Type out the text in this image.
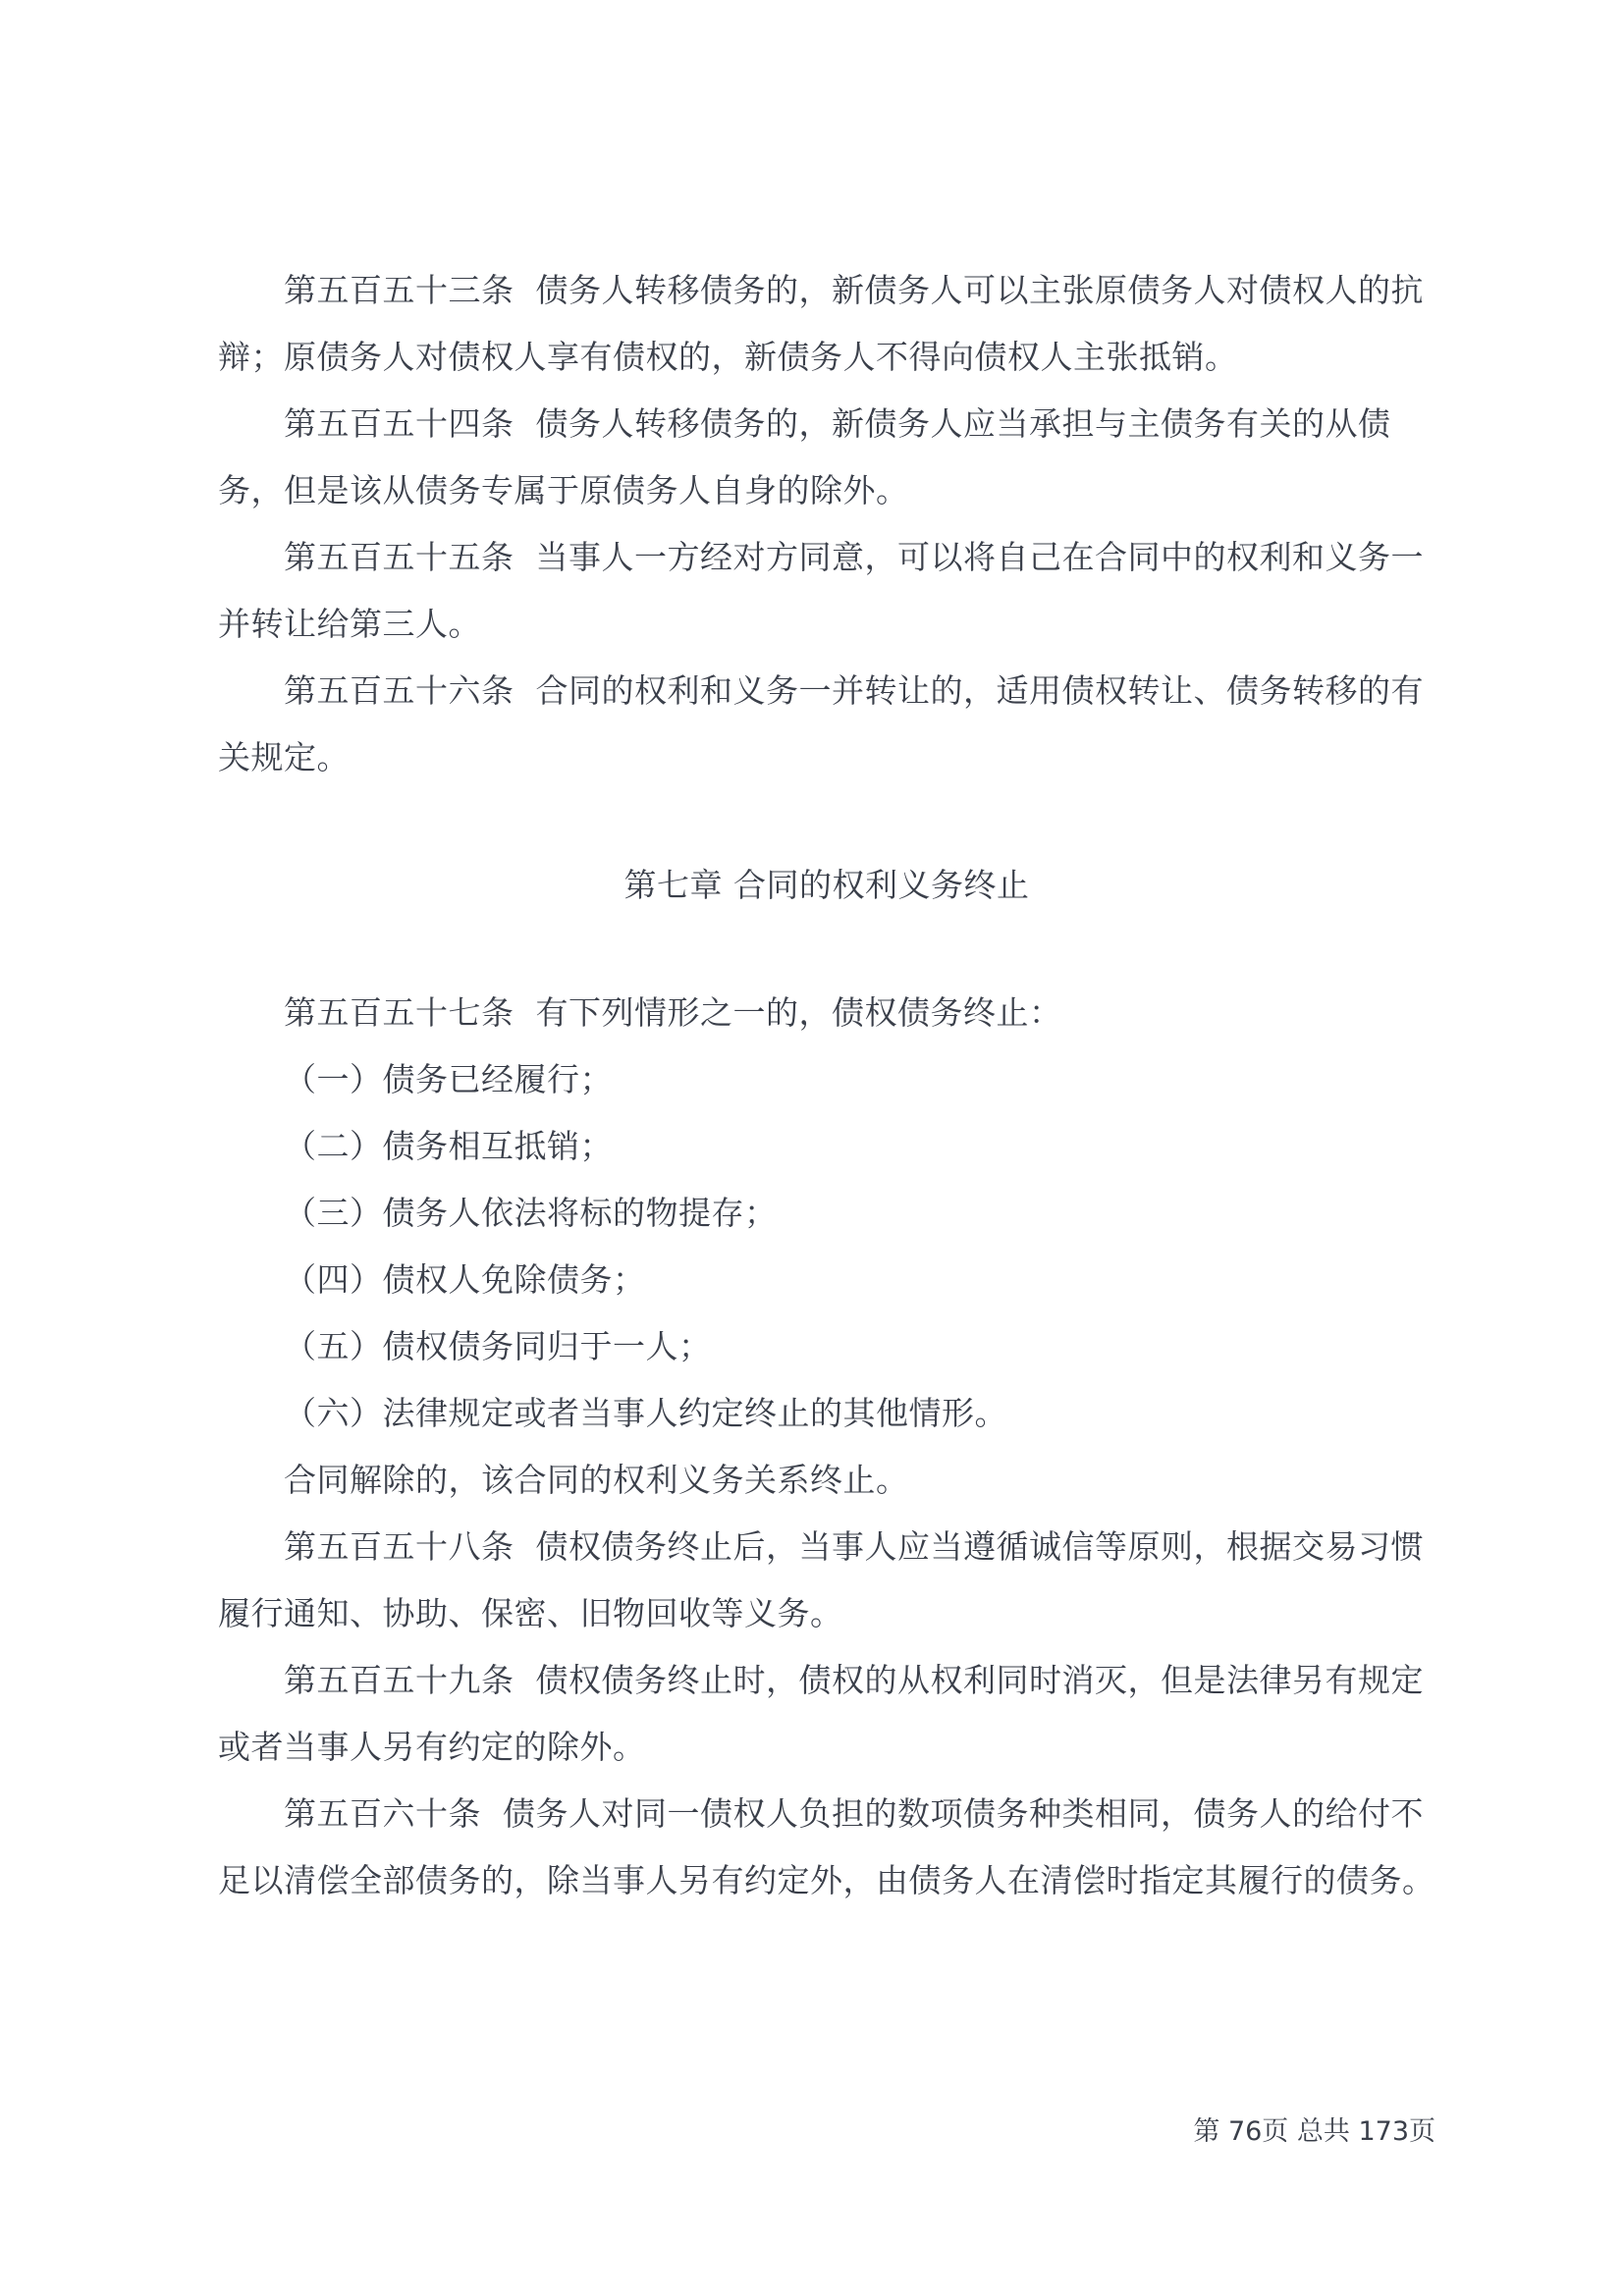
第五百五十三条  债务人转移债务的，新债务人可以主张原债务人对债权人的抗辩；原债务人对债权人享有债权的，新债务人不得向债权人主张抵销。

第五百五十四条  债务人转移债务的，新债务人应当承担与主债务有关的从债务，但是该从债务专属于原债务人自身的除外。

第五百五十五条  当事人一方经对方同意，可以将自己在合同中的权利和义务一并转让给第三人。

第五百五十六条  合同的权利和义务一并转让的，适用债权转让、债务转移的有关规定。

第七章 合同的权利义务终止

第五百五十七条  有下列情形之一的，债权债务终止：

（一）债务已经履行；

（二）债务相互抵销；

（三）债务人依法将标的物提存；

（四）债权人免除债务；

（五）债权债务同归于一人；

（六）法律规定或者当事人约定终止的其他情形。

合同解除的，该合同的权利义务关系终止。

第五百五十八条  债权债务终止后，当事人应当遵循诚信等原则，根据交易习惯履行通知、协助、保密、旧物回收等义务。

第五百五十九条  债权债务终止时，债权的从权利同时消灭，但是法律另有规定或者当事人另有约定的除外。

第五百六十条  债务人对同一债权人负担的数项债务种类相同，债务人的给付不足以清偿全部债务的，除当事人另有约定外，由债务人在清偿时指定其履行的债务。

第 76页 总共 173页
